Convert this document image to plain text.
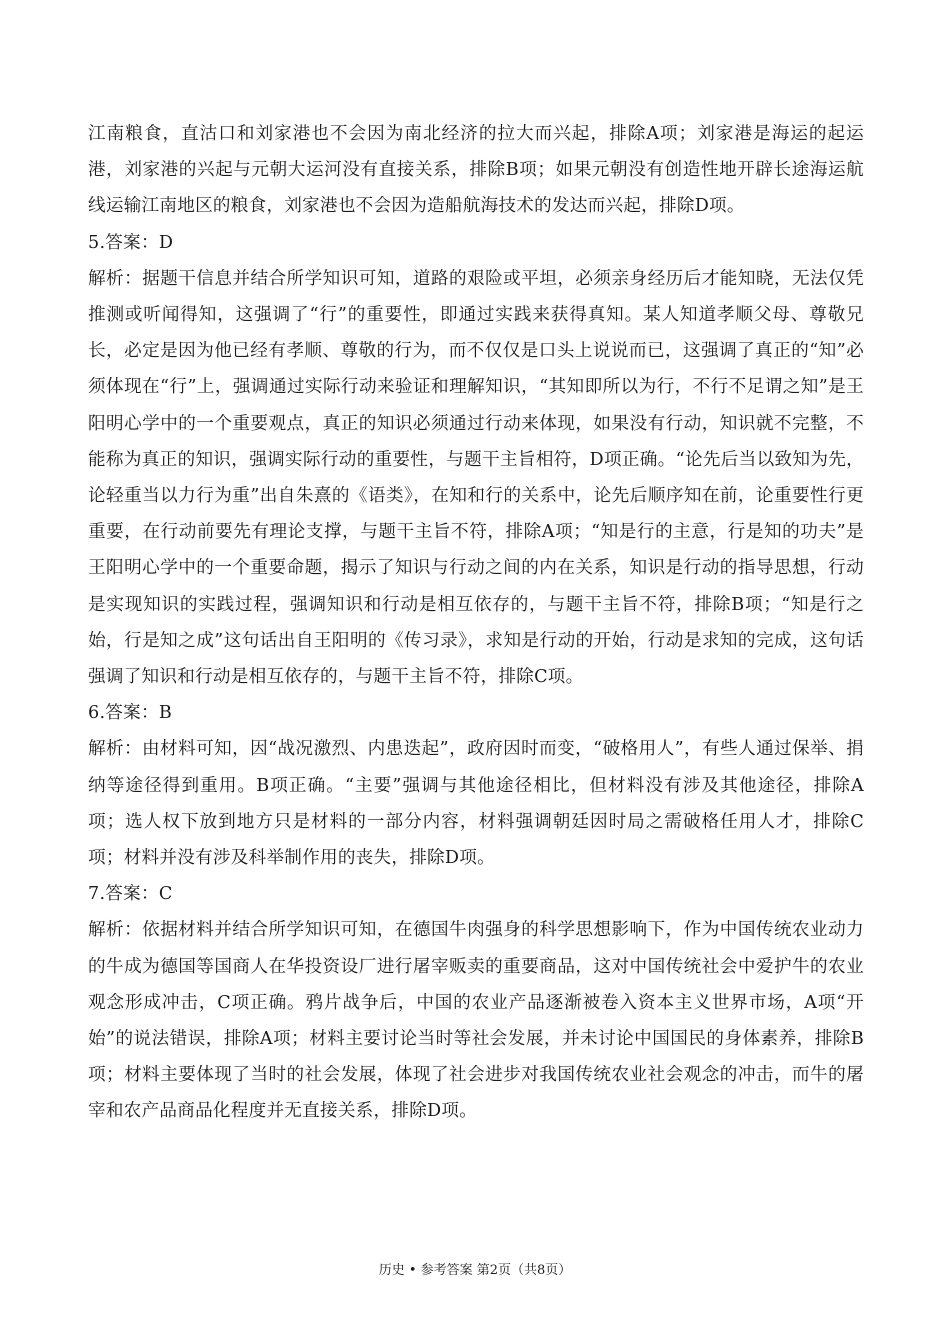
江南粮食，直沽口和刘家港也不会因为南北经济的拉大而兴起，排除A项；刘家港是海运的起运港，刘家港的兴起与元朝大运河没有直接关系，排除B项；如果元朝没有创造性地开辟长途海运航线运输江南地区的粮食，刘家港也不会因为造船航海技术的发达而兴起，排除D项。

5.答案：D

解析：据题干信息并结合所学知识可知，道路的艰险或平坦，必须亲身经历后才能知晓，无法仅凭推测或听闻得知，这强调了“行”的重要性，即通过实践来获得真知。某人知道孝顺父母、尊敬兄长，必定是因为他已经有孝顺、尊敬的行为，而不仅仅是口头上说说而已，这强调了真正的“知”必须体现在“行”上，强调通过实际行动来验证和理解知识，“其知即所以为行，不行不足谓之知”是王阳明心学中的一个重要观点，真正的知识必须通过行动来体现，如果没有行动，知识就不完整，不能称为真正的知识，强调实际行动的重要性，与题干主旨相符，D项正确。“论先后当以致知为先，论轻重当以力行为重”出自朱熹的《语类》，在知和行的关系中，论先后顺序知在前，论重要性行更重要，在行动前要先有理论支撑，与题干主旨不符，排除A项；“知是行的主意，行是知的功夫”是王阳明心学中的一个重要命题，揭示了知识与行动之间的内在关系，知识是行动的指导思想，行动是实现知识的实践过程，强调知识和行动是相互依存的，与题干主旨不符，排除B项；“知是行之始，行是知之成”这句话出自王阳明的《传习录》，求知是行动的开始，行动是求知的完成，这句话强调了知识和行动是相互依存的，与题干主旨不符，排除C项。

6.答案：B

解析：由材料可知，因“战况激烈、内患迭起”，政府因时而变，“破格用人”，有些人通过保举、捐纳等途径得到重用。B项正确。“主要”强调与其他途径相比，但材料没有涉及其他途径，排除A项；选人权下放到地方只是材料的一部分内容，材料强调朝廷因时局之需破格任用人才，排除C项；材料并没有涉及科举制作用的丧失，排除D项。

7.答案：C

解析：依据材料并结合所学知识可知，在德国牛肉强身的科学思想影响下，作为中国传统农业动力的牛成为德国等国商人在华投资设厂进行屠宰贩卖的重要商品，这对中国传统社会中爱护牛的农业观念形成冲击，C项正确。鸦片战争后，中国的农业产品逐渐被卷入资本主义世界市场，A项“开始”的说法错误，排除A项；材料主要讨论当时等社会发展，并未讨论中国国民的身体素养，排除B项；材料主要体现了当时的社会发展，体现了社会进步对我国传统农业社会观念的冲击，而牛的屠宰和农产品商品化程度并无直接关系，排除D项。

历史 • 参考答案 第2页（共8页）
